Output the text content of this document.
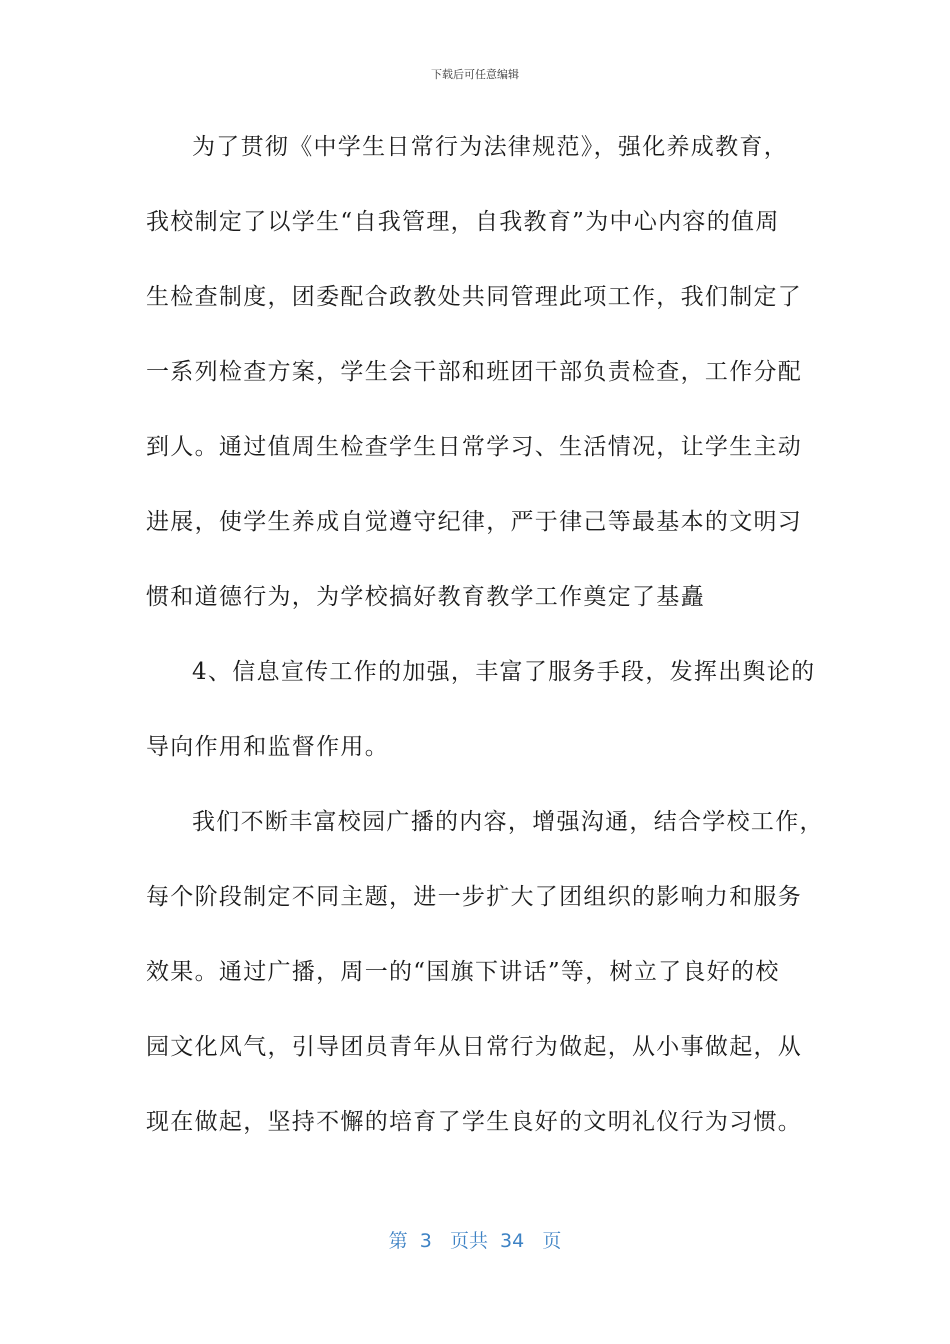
下载后可任意编辑
为了贯彻《中学生日常行为法律规范》，强化养成教育，
我校制定了以学生“自我管理，自我教育”为中心内容的值周
生检查制度，团委配合政教处共同管理此项工作，我们制定了
一系列检查方案，学生会干部和班团干部负责检查，工作分配
到人。通过值周生检查学生日常学习、生活情况，让学生主动
进展，使学生养成自觉遵守纪律，严于律己等最基本的文明习
惯和道德行为，为学校搞好教育教学工作奠定了基矗
4、信息宣传工作的加强，丰富了服务手段，发挥出舆论的
导向作用和监督作用。
我们不断丰富校园广播的内容，增强沟通，结合学校工作，
每个阶段制定不同主题，进一步扩大了团组织的影响力和服务
效果。通过广播，周一的“国旗下讲话”等，树立了良好的校
园文化风气，引导团员青年从日常行为做起，从小事做起，从
现在做起，坚持不懈的培育了学生良好的文明礼仪行为习惯。
第  3   页共  34   页
